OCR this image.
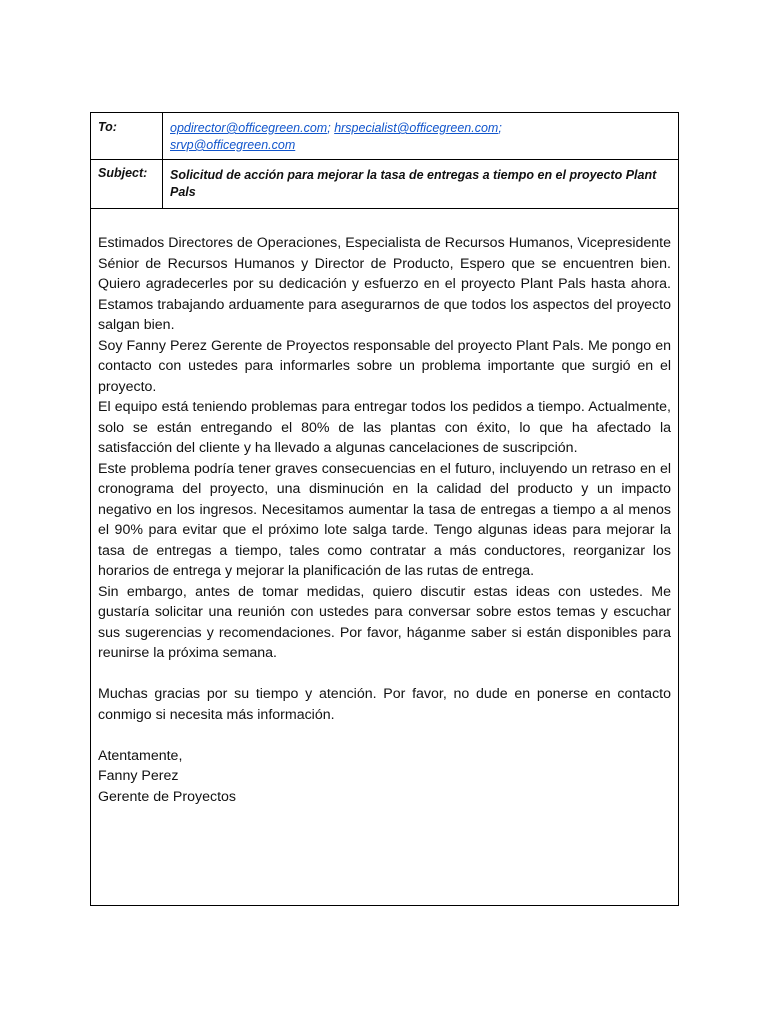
To:	opdirector@officegreen.com; hrspecialist@officegreen.com;
srvp@officegreen.com
Subject:	Solicitud de acción para mejorar la tasa de entregas a tiempo en el proyecto Plant Pals

Estimados Directores de Operaciones, Especialista de Recursos Humanos, Vicepresidente Sénior de Recursos Humanos y Director de Producto, Espero que se encuentren bien. Quiero agradecerles por su dedicación y esfuerzo en el proyecto Plant Pals hasta ahora. Estamos trabajando arduamente para asegurarnos de que todos los aspectos del proyecto salgan bien.

Soy Fanny Perez Gerente de Proyectos responsable del proyecto Plant Pals. Me pongo en contacto con ustedes para informarles sobre un problema importante que surgió en el proyecto.

El equipo está teniendo problemas para entregar todos los pedidos a tiempo. Actualmente, solo se están entregando el 80% de las plantas con éxito, lo que ha afectado la satisfacción del cliente y ha llevado a algunas cancelaciones de suscripción.

Este problema podría tener graves consecuencias en el futuro, incluyendo un retraso en el cronograma del proyecto, una disminución en la calidad del producto y un impacto negativo en los ingresos. Necesitamos aumentar la tasa de entregas a tiempo a al menos el 90% para evitar que el próximo lote salga tarde. Tengo algunas ideas para mejorar la tasa de entregas a tiempo, tales como contratar a más conductores, reorganizar los horarios de entrega y mejorar la planificación de las rutas de entrega.

Sin embargo, antes de tomar medidas, quiero discutir estas ideas con ustedes. Me gustaría solicitar una reunión con ustedes para conversar sobre estos temas y escuchar sus sugerencias y recomendaciones. Por favor, háganme saber si están disponibles para reunirse la próxima semana.

Muchas gracias por su tiempo y atención. Por favor, no dude en ponerse en contacto conmigo si necesita más información.

Atentamente,

Fanny Perez

Gerente de Proyectos
